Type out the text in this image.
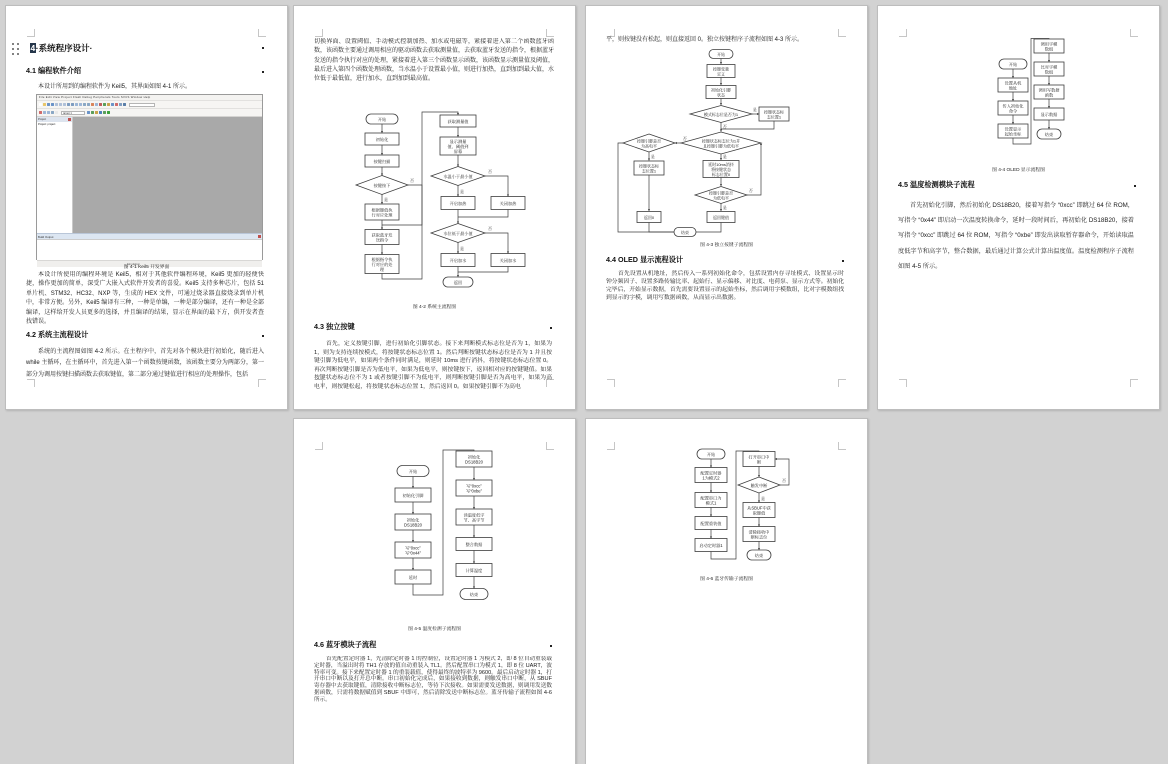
4·系统程序设计·
4.1 编程软件介绍
本设计所用到的编程软件为 Keil5，其界面如图 4-1 所示。
File Edit View Project Flash Debug Peripherals Tools SVCS Window Help
target 1
Project
Project: project
Build Output
Simulation
图 4-1 Keil5 开发界面
本设计所使用的编程环境是 Keil5，相对于其他软件编程环境，Keil5 更加的轻便快捷，操作更加的简单，深受广大嵌入式软件开发者的喜爱。Keil5 支持多种芯片，包括 51 单片机、STM32、HC32、NXP 等，生成的 HEX 文件，可通过烧录器直接烧录到单片机中，非常方便。另外，Keil5 编译有三种，一种是单编，一种是部分编译，还有一种是全部编译，这样给开发人员更多的选择，并且编译的结果，显示在界面的最下方，供开发者查找错误。
4.2 系统主流程设计
系统的主流程图如图 4-2 所示。在主程序中，首先对各个模块进行初始化，随后进入 while 主循环，在主循环中，首先进入第一个函数按键函数，该函数主要分为两部分，第一部分为调用按键扫描函数去获取键值，第二部分通过键值进行相应的处理操作，包括
切换界面、设置阈值、手动模式控制加热、加水或电磁等，紧接着进入第二个函数蓝牙函数，该函数主要通过调用相应的驱动函数去获取测量值，去获取蓝牙发送的指令，根据蓝牙发送的指令执行对应的处理，紧接着进入第三个函数显示函数，该函数显示测量值及阈值，最后进入第四个函数处理函数，当水温小于设置最小值，则进行加热，直到加到最大值，水位低于最低值，进行加水，直到加到最高值。
是
否
是
否
是
否
开始
初始化
按键扫描
按键按下
根据键值执行对应处理
获取蓝牙发送指令
根据指令执行对应的处理
获取测量值
显示测量值、阈值到屏幕
水温小于最小值
开启加热	关闭加热
水位低于最小值
开启加水	关闭加水
返回
图 4-2 系统主流程图
4.3 独立按键
首先，定义按键引脚，进行初始化引脚状态。接下来判断模式标志位是否为 1，如果为 1，则为支持连续按模式，将按键状态标志位置 1。然后判断按键状态标志位是否为 1 并且按键引脚为低电平，如果两个条件同时满足，则延时 10ms 进行消抖，将按键状态标志位置 0。再次判断按键引脚是否为低电平，如果为低电平，则按键按下，返回相对应的按键键值。如果按键状态标志位不为 1 或者按键引脚不为低电平，则判断按键引脚是否为高电平，如果为高电平，则按键松起，将按键状态标志位置 1，然后返回 0。如果按键引脚不为高电
平，则按键没有松起，则直接返回 0。独立按键程序子流程如图 4-3 所示。
是
否
是
否
是
是
否
开始
按键变量定义
初始化引脚状态
模式标志位是否为1	按键状态标志位置1
按键状态标志位为1并且按键引脚为低电平
按键引脚是否为高电平
按键状态标志位置1
延时10ms消抖将按键状态标志位置0
按键引脚是否为低电平
返回0	返回键值
结束
图 4-3 独立按键子流程图
4.4 OLED 显示流程设计
首先设置从机地址，然后传入一系列初始化命令，包括设置内存寻址模式、设置显示时钟分频因子、设置多路传输比率、起始行、显示偏移、对比度、电荷泵、显示方式等。初始化完毕后，开始显示数据，首先需要设置显示的起始坐标，然后调用字模数组，比对字模数组找到显示的字模，调用写数据函数，从而显示出数据。
开始
设置从机地址
传入初始化命令
设置显示起始坐标
调用字模数组
比对字模数组
调用写数据函数
显示数据
结束
图 4-4 OLED 显示流程图
4.5 温度检测模块子流程
首先初始化引脚，然后初始化 DS18B20，接着写指令 “0xcc” 即跳过 64 位 ROM，写指令 “0x44” 即启动一次温度转换命令，延时一段时间后，再初始化 DS18B20，接着写指令 “0xcc” 即跳过 64 位 ROM，写指令 “0xbe” 即发出读取暂存器命令，开始读取温度低字节和高字节，整合数据，最后通过计算公式计算出温度值。温度检测程序子流程如图 4-5 所示。
开始
初始化引脚
初始化 DS18B20
写“0xcc”写“0x44”
延时
初始化 DS18B20
写“0xcc”写“0xbe”
读温度低字节、高字节
整合数据
计算温度
结束
图 4-5 温度检测子流程图
4.6 蓝牙模块子流程
首先配置定时器 1，先清除定时器 1 的控制位，设置定时器 1 为模式 2，即 8 位自动重装载定时器，当溢出时将 TH1 存放的值自动重装入 TL1。然后配置串口为模式 1，即 8 位 UART，波特率可变。接下来配置定时器 1 的重装载值，使得最终的波特率为 9600。最后启动定时器 1，打开串口中断以及打开总中断。串口初始化完成后，如果接收到数据，则触发串口中断，从 SBUF 寄存器中去获取键值，清除接收中断标志位，等待下次接收。如果需要发送数据，则调用发送数据函数，只需将数据赋值到 SBUF 中即可，然后清除发送中断标志位。蓝牙传输子流程如图 4-6 所示。
是
否
开始
配置定时器 1为模式2
配置串口为模式1
配置重装值
启动定时器1
打开串口中断
触发中断
从SBUF中获取键值
清除接收中断标志位
结束
图 4-6 蓝牙传输子流程图
